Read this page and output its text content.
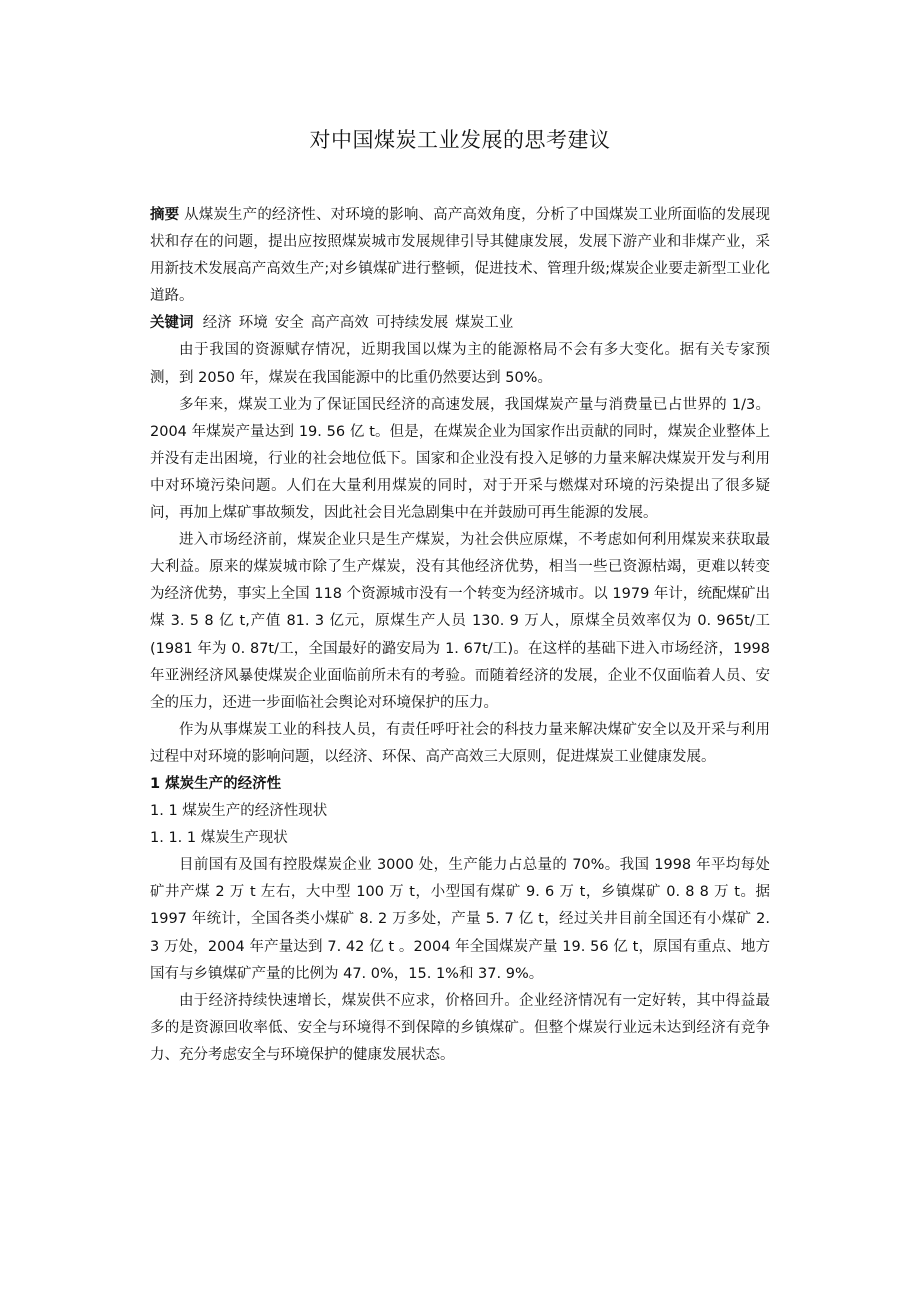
对中国煤炭工业发展的思考建议

摘要 从煤炭生产的经济性、对环境的影响、高产高效角度，分析了中国煤炭工业所面临的发展现状和存在的问题，提出应按照煤炭城市发展规律引导其健康发展，发展下游产业和非煤产业，采用新技术发展高产高效生产;对乡镇煤矿进行整顿，促进技术、管理升级;煤炭企业要走新型工业化道路。

关键词 经济 环境 安全 高产高效 可持续发展 煤炭工业

由于我国的资源赋存情况，近期我国以煤为主的能源格局不会有多大变化。据有关专家预测，到 2050 年，煤炭在我国能源中的比重仍然要达到 50%。

多年来，煤炭工业为了保证国民经济的高速发展，我国煤炭产量与消费量已占世界的 1/3。2004 年煤炭产量达到 19. 56 亿 t。但是，在煤炭企业为国家作出贡献的同时，煤炭企业整体上并没有走出困境，行业的社会地位低下。国家和企业没有投入足够的力量来解决煤炭开发与利用中对环境污染问题。人们在大量利用煤炭的同时，对于开采与燃煤对环境的污染提出了很多疑问，再加上煤矿事故频发，因此社会目光急剧集中在并鼓励可再生能源的发展。

进入市场经济前，煤炭企业只是生产煤炭，为社会供应原煤，不考虑如何利用煤炭来获取最大利益。原来的煤炭城市除了生产煤炭，没有其他经济优势，相当一些已资源枯竭，更难以转变为经济优势，事实上全国 118 个资源城市没有一个转变为经济城市。以 1979 年计，统配煤矿出煤 3. 5 8 亿 t,产值 81. 3 亿元，原煤生产人员 130. 9 万人，原煤全员效率仅为 0. 965t/工(1981 年为 0. 87t/工，全国最好的潞安局为 1. 67t/工)。在这样的基础下进入市场经济，1998 年亚洲经济风暴使煤炭企业面临前所未有的考验。而随着经济的发展，企业不仅面临着人员、安全的压力，还进一步面临社会舆论对环境保护的压力。

作为从事煤炭工业的科技人员，有责任呼吁社会的科技力量来解决煤矿安全以及开采与利用过程中对环境的影响问题，以经济、环保、高产高效三大原则，促进煤炭工业健康发展。

1 煤炭生产的经济性

1. 1 煤炭生产的经济性现状

1. 1. 1 煤炭生产现状

目前国有及国有控股煤炭企业 3000 处，生产能力占总量的 70%。我国 1998 年平均每处矿井产煤 2 万 t 左右，大中型 100 万 t，小型国有煤矿 9. 6 万 t，乡镇煤矿 0. 8 8 万 t。据 1997 年统计，全国各类小煤矿 8. 2 万多处，产量 5. 7 亿 t，经过关井目前全国还有小煤矿 2. 3 万处，2004 年产量达到 7. 42 亿 t 。2004 年全国煤炭产量 19. 56 亿 t，原国有重点、地方国有与乡镇煤矿产量的比例为 47. 0%，15. 1%和 37. 9%。

由于经济持续快速增长，煤炭供不应求，价格回升。企业经济情况有一定好转，其中得益最多的是资源回收率低、安全与环境得不到保障的乡镇煤矿。但整个煤炭行业远未达到经济有竞争力、充分考虑安全与环境保护的健康发展状态。
